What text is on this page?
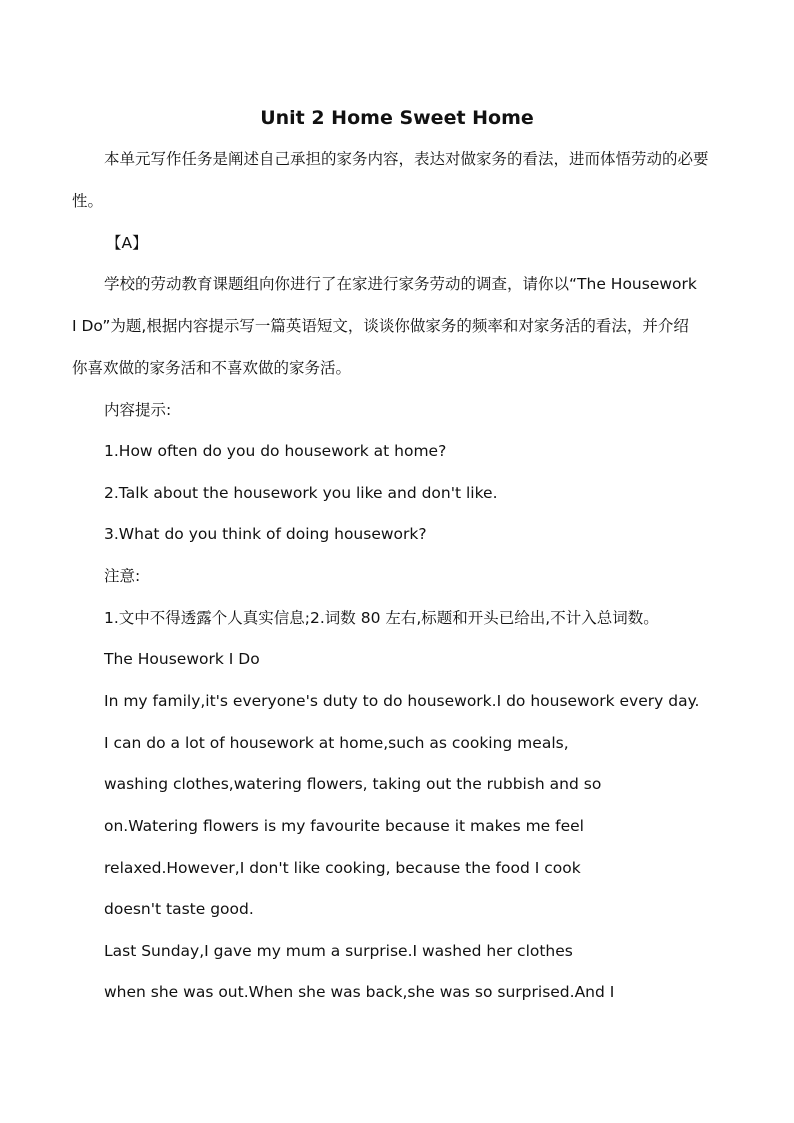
Unit 2 Home Sweet Home
本单元写作任务是阐述自己承担的家务内容，表达对做家务的看法，进而体悟劳动的必要
性。
【A】
学校的劳动教育课题组向你进行了在家进行家务劳动的调查，请你以“The Housework
I Do”为题,根据内容提示写一篇英语短文，谈谈你做家务的频率和对家务活的看法，并介绍
你喜欢做的家务活和不喜欢做的家务活。
内容提示:
1.How often do you do housework at home?
2.Talk about the housework you like and don't like.
3.What do you think of doing housework?
注意:
1.文中不得透露个人真实信息;2.词数 80 左右,标题和开头已给出,不计入总词数。
The Housework I Do
In my family,it's everyone's duty to do housework.I do housework every day.
I can do a lot of housework at home,such as cooking meals,
washing clothes,watering flowers, taking out the rubbish and so
on.Watering flowers is my favourite because it makes me feel
relaxed.However,I don't like cooking, because the food I cook
doesn't taste good.
Last Sunday,I gave my mum a surprise.I washed her clothes
when she was out.When she was back,she was so surprised.And I
